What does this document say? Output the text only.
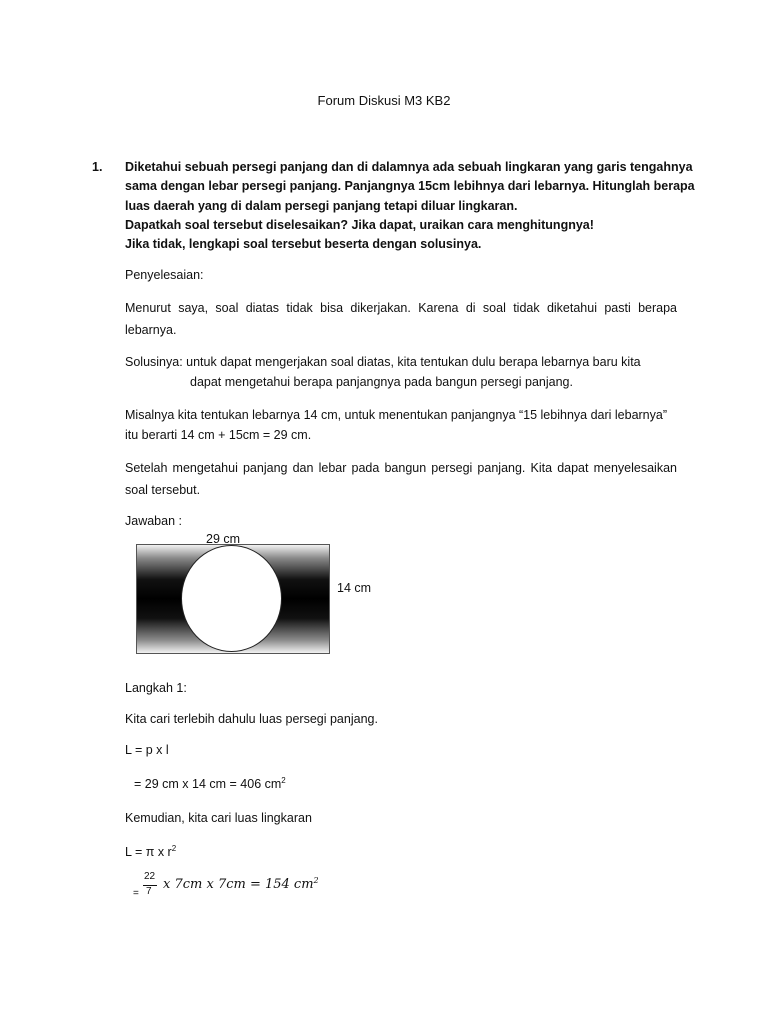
Forum Diskusi M3 KB2
1. Diketahui sebuah persegi panjang dan di dalamnya ada sebuah lingkaran yang garis tengahnya
sama dengan lebar persegi panjang. Panjangnya 15cm lebihnya dari lebarnya. Hitunglah berapa
luas daerah yang di dalam persegi panjang tetapi diluar lingkaran.
Dapatkah soal tersebut diselesaikan? Jika dapat, uraikan cara menghitungnya!
Jika tidak, lengkapi soal tersebut beserta dengan solusinya.
Penyelesaian:
Menurut saya, soal diatas tidak bisa dikerjakan. Karena di soal tidak diketahui pasti berapa lebarnya.
Solusinya: untuk dapat mengerjakan soal diatas, kita tentukan dulu berapa lebarnya baru kita
dapat mengetahui berapa panjangnya pada bangun persegi panjang.
Misalnya kita tentukan lebarnya 14 cm, untuk menentukan panjangnya “15 lebihnya dari lebarnya”
itu berarti 14 cm + 15cm = 29 cm.
Setelah mengetahui panjang dan lebar pada bangun persegi panjang. Kita dapat menyelesaikan soal tersebut.
Jawaban :
29 cm
14 cm
Langkah 1:
Kita cari terlebih dahulu luas persegi panjang.
L = p x l
= 29 cm x 14 cm = 406 $cm^2$
Kemudian, kita cari luas lingkaran
L = π x $r^2$
=
22
7 x 7cm x 7cm = 154 $cm^2$
